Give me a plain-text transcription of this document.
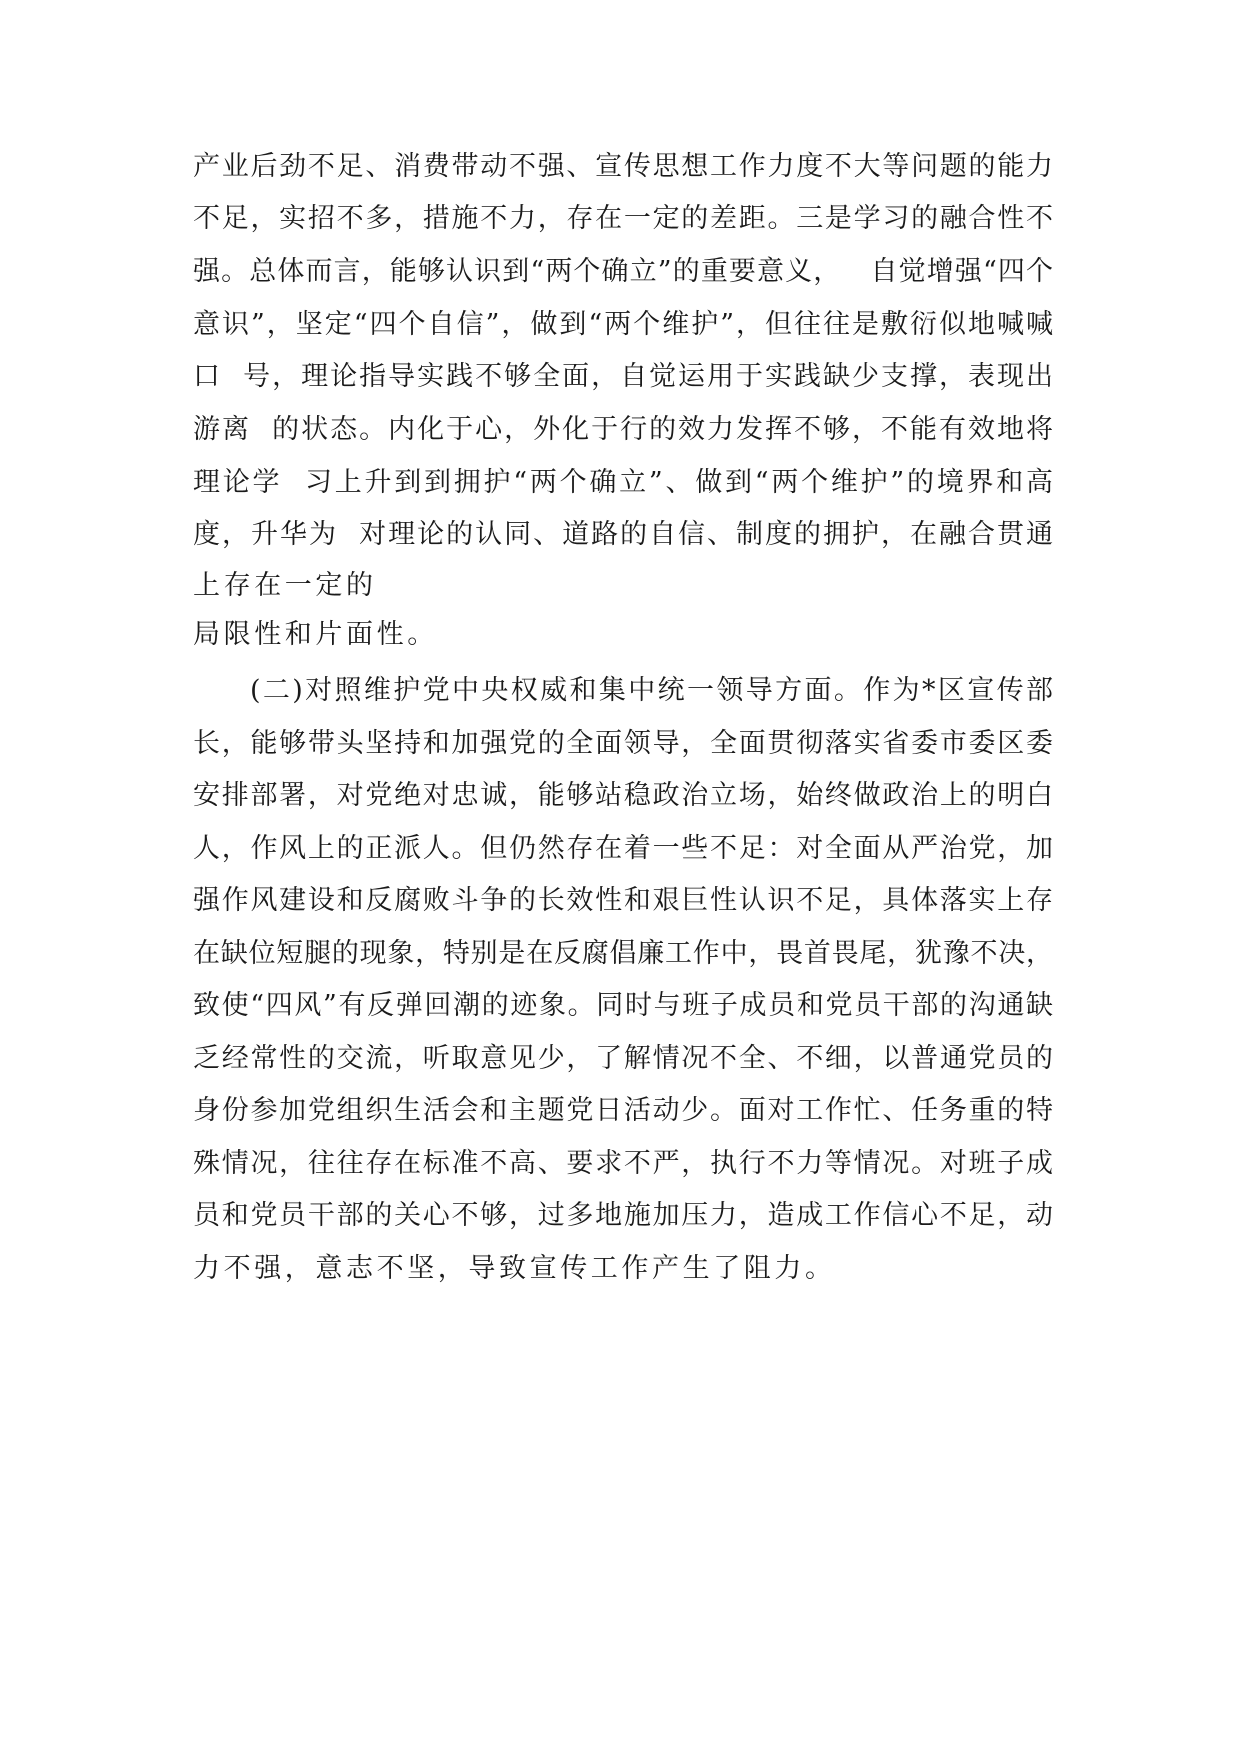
产业后劲不足、消费带动不强、宣传思想工作力度不大等问题的能力
不足，实招不多，措施不力，存在一定的差距。三是学习的融合性不
强。总体而言，能够认识到“两个确立”的重要意义，   自觉增强“四个
意识”，坚定“四个自信”，做到“两个维护”，但往往是敷衍似地喊喊
口  号，理论指导实践不够全面，自觉运用于实践缺少支撑，表现出
游离  的状态。内化于心，外化于行的效力发挥不够，不能有效地将
理论学  习上升到到拥护“两个确立”、做到“两个维护”的境界和高
度，升华为  对理论的认同、道路的自信、制度的拥护，在融合贯通
上存在一定的
局限性和片面性。
(二)对照维护党中央权威和集中统一领导方面。作为*区宣传部
长，能够带头坚持和加强党的全面领导，全面贯彻落实省委市委区委
安排部署，对党绝对忠诚，能够站稳政治立场，始终做政治上的明白
人，作风上的正派人。但仍然存在着一些不足：对全面从严治党，加
强作风建设和反腐败斗争的长效性和艰巨性认识不足，具体落实上存
在缺位短腿的现象，特别是在反腐倡廉工作中，畏首畏尾，犹豫不决，
致使“四风”有反弹回潮的迹象。同时与班子成员和党员干部的沟通缺
乏经常性的交流，听取意见少，了解情况不全、不细，以普通党员的
身份参加党组织生活会和主题党日活动少。面对工作忙、任务重的特
殊情况，往往存在标准不高、要求不严，执行不力等情况。对班子成
员和党员干部的关心不够，过多地施加压力，造成工作信心不足，动
力不强，意志不坚，导致宣传工作产生了阻力。
